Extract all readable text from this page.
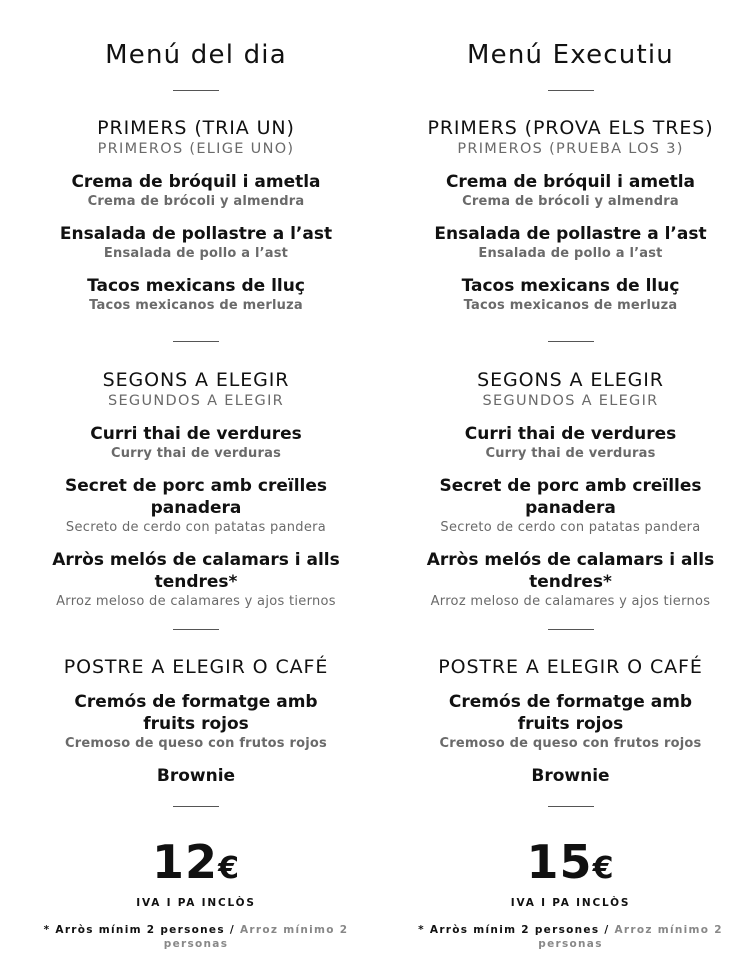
Menú del dia

PRIMERS (TRIA UN)

PRIMEROS (ELIGE UNO)

Crema de bróquil i ametla

Crema de brócoli y almendra

Ensalada de pollastre a l’ast

Ensalada de pollo a l’ast

Tacos mexicans de lluç

Tacos mexicanos de merluza

SEGONS A ELEGIR

SEGUNDOS A ELEGIR

Curri thai de verdures

Curry thai de verduras

Secret de porc amb creïlles panadera

Secreto de cerdo con patatas pandera

Arròs melós de calamars i alls tendres*

Arroz meloso de calamares y ajos tiernos

POSTRE A ELEGIR O CAFÉ

Cremós de formatge amb fruits rojos

Cremoso de queso con frutos rojos

Brownie

12€

IVA I PA INCLÒS

* Arròs mínim 2 persones / Arroz mínimo 2 personas

Menú Executiu

PRIMERS (PROVA ELS TRES)

PRIMEROS (PRUEBA LOS 3)

Crema de bróquil i ametla

Crema de brócoli y almendra

Ensalada de pollastre a l’ast

Ensalada de pollo a l’ast

Tacos mexicans de lluç

Tacos mexicanos de merluza

SEGONS A ELEGIR

SEGUNDOS A ELEGIR

Curri thai de verdures

Curry thai de verduras

Secret de porc amb creïlles panadera

Secreto de cerdo con patatas pandera

Arròs melós de calamars i alls tendres*

Arroz meloso de calamares y ajos tiernos

POSTRE A ELEGIR O CAFÉ

Cremós de formatge amb fruits rojos

Cremoso de queso con frutos rojos

Brownie

15€

IVA I PA INCLÒS

* Arròs mínim 2 persones / Arroz mínimo 2 personas
